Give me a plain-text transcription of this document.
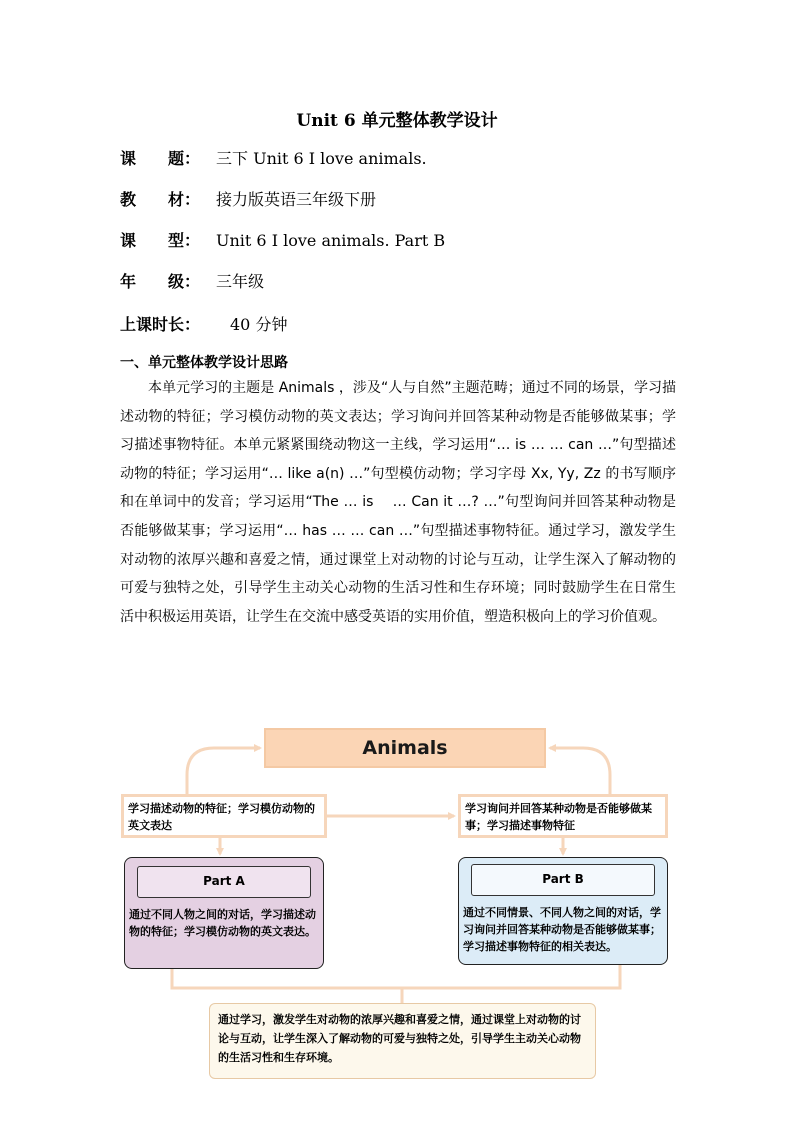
Unit 6 单元整体教学设计
课　　题： 三下 Unit 6 I love animals.
教　　材： 接力版英语三年级下册
课　　型： Unit 6 I love animals. Part B
年　　级： 三年级
上课时长： 40 分钟
一、单元整体教学设计思路

本单元学习的主题是 Animals ，涉及“人与自然”主题范畴；通过不同的场景，学习描述动物的特征；学习模仿动物的英文表达；学习询问并回答某种动物是否能够做某事；学习描述事物特征。本单元紧紧围绕动物这一主线，学习运用“… is … … can …”句型描述动物的特征；学习运用“… like a(n) …”句型模仿动物；学习字母 Xx, Yy, Zz 的书写顺序和在单词中的发音；学习运用“The … is　 … Can it …? …”句型询问并回答某种动物是否能够做某事；学习运用“… has … … can …”句型描述事物特征。通过学习，激发学生对动物的浓厚兴趣和喜爱之情，通过课堂上对动物的讨论与互动，让学生深入了解动物的可爱与独特之处，引导学生主动关心动物的生活习性和生存环境；同时鼓励学生在日常生活中积极运用英语，让学生在交流中感受英语的实用价值，塑造积极向上的学习价值观。

Animals
学习描述动物的特征；学习模仿动物的英文表达
学习询问并回答某种动物是否能够做某事；学习描述事物特征
Part A
通过不同人物之间的对话，学习描述动物的特征；学习模仿动物的英文表达。
Part B
通过不同情景、不同人物之间的对话，学习询问并回答某种动物是否能够做某事；学习描述事物特征的相关表达。
通过学习，激发学生对动物的浓厚兴趣和喜爱之情，通过课堂上对动物的讨论与互动，让学生深入了解动物的可爱与独特之处，引导学生主动关心动物的生活习性和生存环境。
